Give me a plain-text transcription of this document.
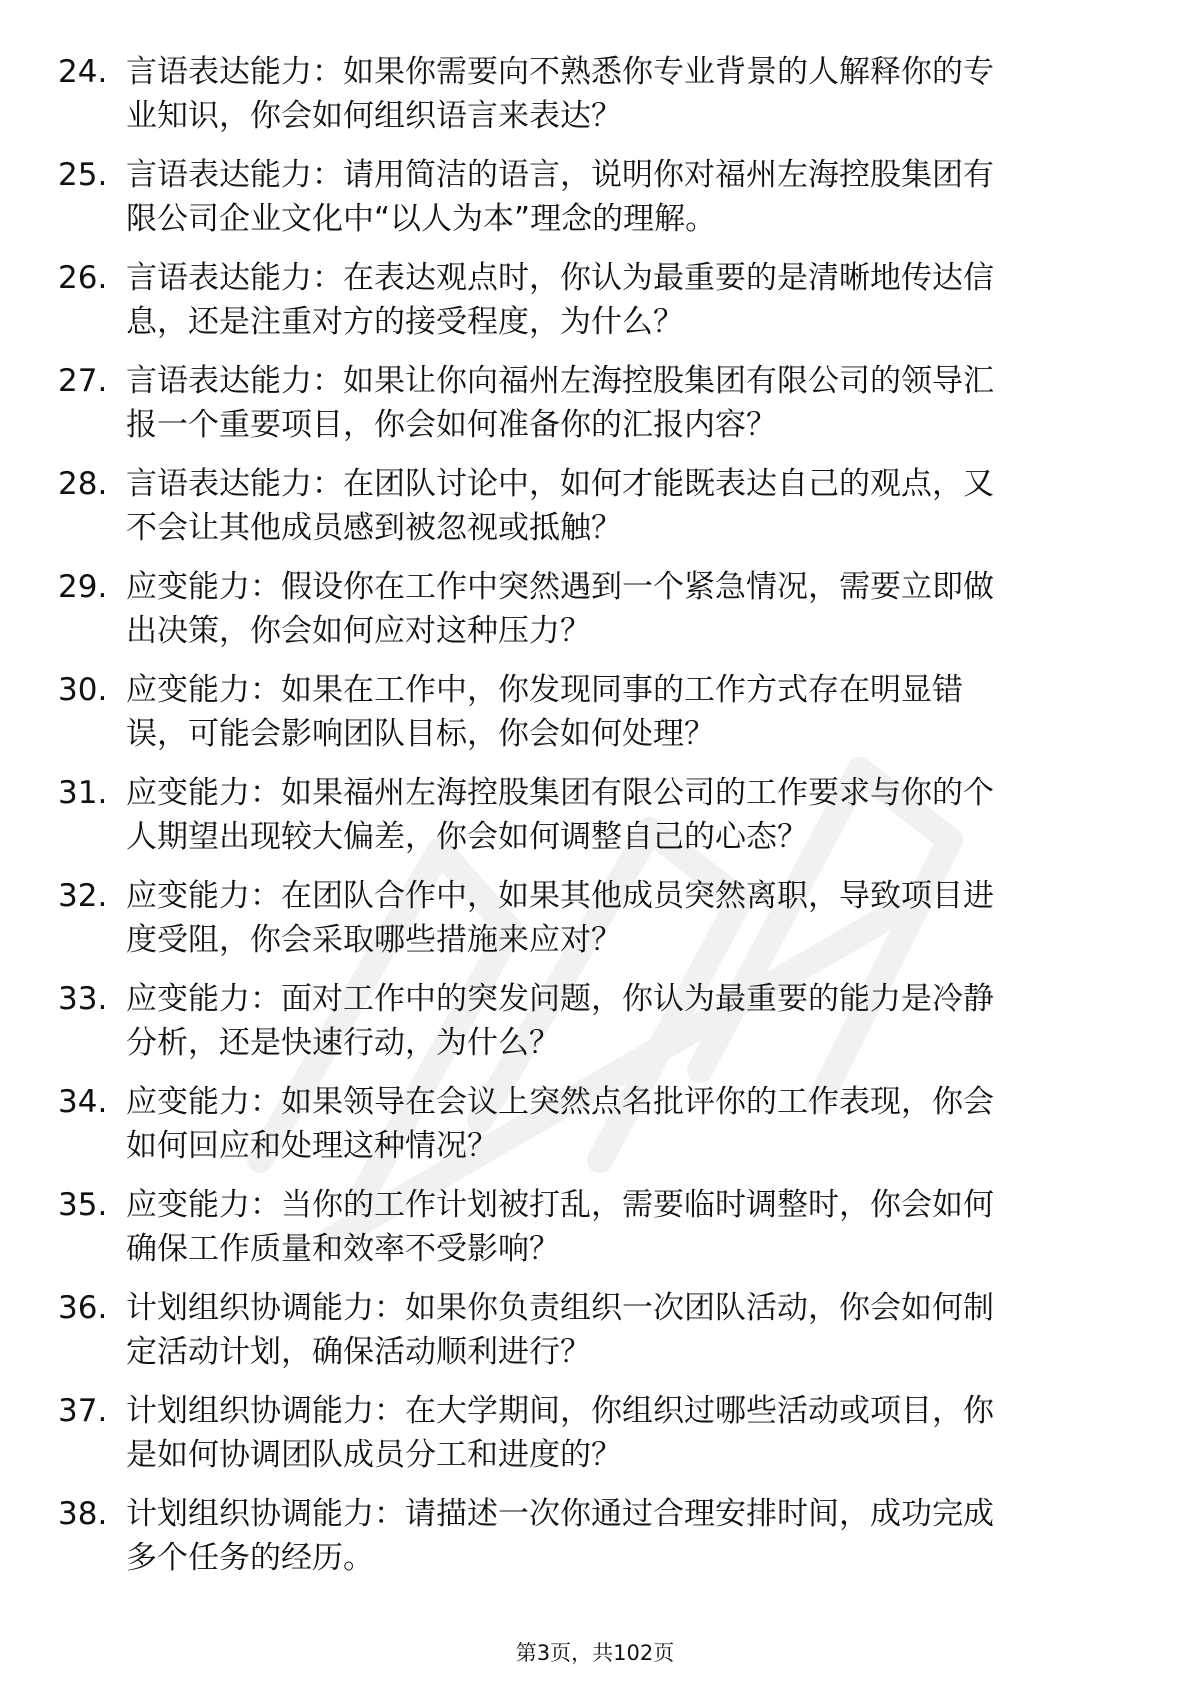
24. 言语表达能力：如果你需要向不熟悉你专业背景的人解释你的专
业知识，你会如何组织语言来表达？
25. 言语表达能力：请用简洁的语言，说明你对福州左海控股集团有
限公司企业文化中“以人为本”理念的理解。
26. 言语表达能力：在表达观点时，你认为最重要的是清晰地传达信
息，还是注重对方的接受程度，为什么？
27. 言语表达能力：如果让你向福州左海控股集团有限公司的领导汇
报一个重要项目，你会如何准备你的汇报内容？
28. 言语表达能力：在团队讨论中，如何才能既表达自己的观点，又
不会让其他成员感到被忽视或抵触？
29. 应变能力：假设你在工作中突然遇到一个紧急情况，需要立即做
出决策，你会如何应对这种压力？
30. 应变能力：如果在工作中，你发现同事的工作方式存在明显错
误，可能会影响团队目标，你会如何处理？
31. 应变能力：如果福州左海控股集团有限公司的工作要求与你的个
人期望出现较大偏差，你会如何调整自己的心态？
32. 应变能力：在团队合作中，如果其他成员突然离职，导致项目进
度受阻，你会采取哪些措施来应对？
33. 应变能力：面对工作中的突发问题，你认为最重要的能力是冷静
分析，还是快速行动，为什么？
34. 应变能力：如果领导在会议上突然点名批评你的工作表现，你会
如何回应和处理这种情况？
35. 应变能力：当你的工作计划被打乱，需要临时调整时，你会如何
确保工作质量和效率不受影响？
36. 计划组织协调能力：如果你负责组织一次团队活动，你会如何制
定活动计划，确保活动顺利进行？
37. 计划组织协调能力：在大学期间，你组织过哪些活动或项目，你
是如何协调团队成员分工和进度的？
38. 计划组织协调能力：请描述一次你通过合理安排时间，成功完成
多个任务的经历。
第3页，共102页
